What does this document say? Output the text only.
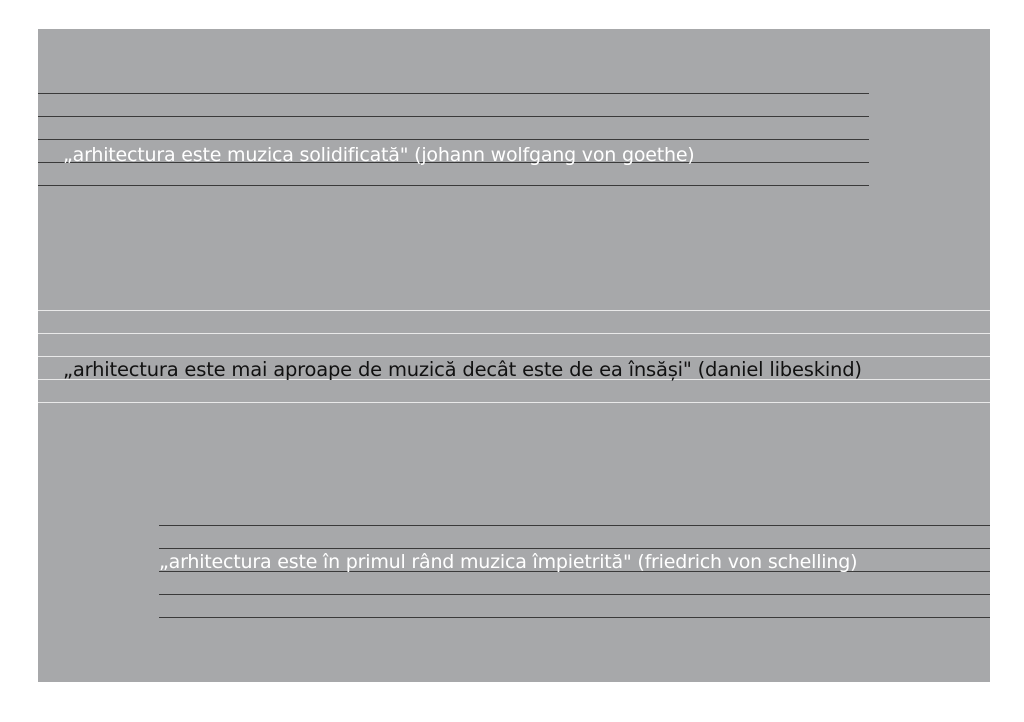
„arhitectura este muzica solidificată" (johann wolfgang von goethe)
„arhitectura este mai aproape de muzică decât este de ea însăși" (daniel libeskind)
„arhitectura este în primul rând muzica împietrită" (friedrich von schelling)
